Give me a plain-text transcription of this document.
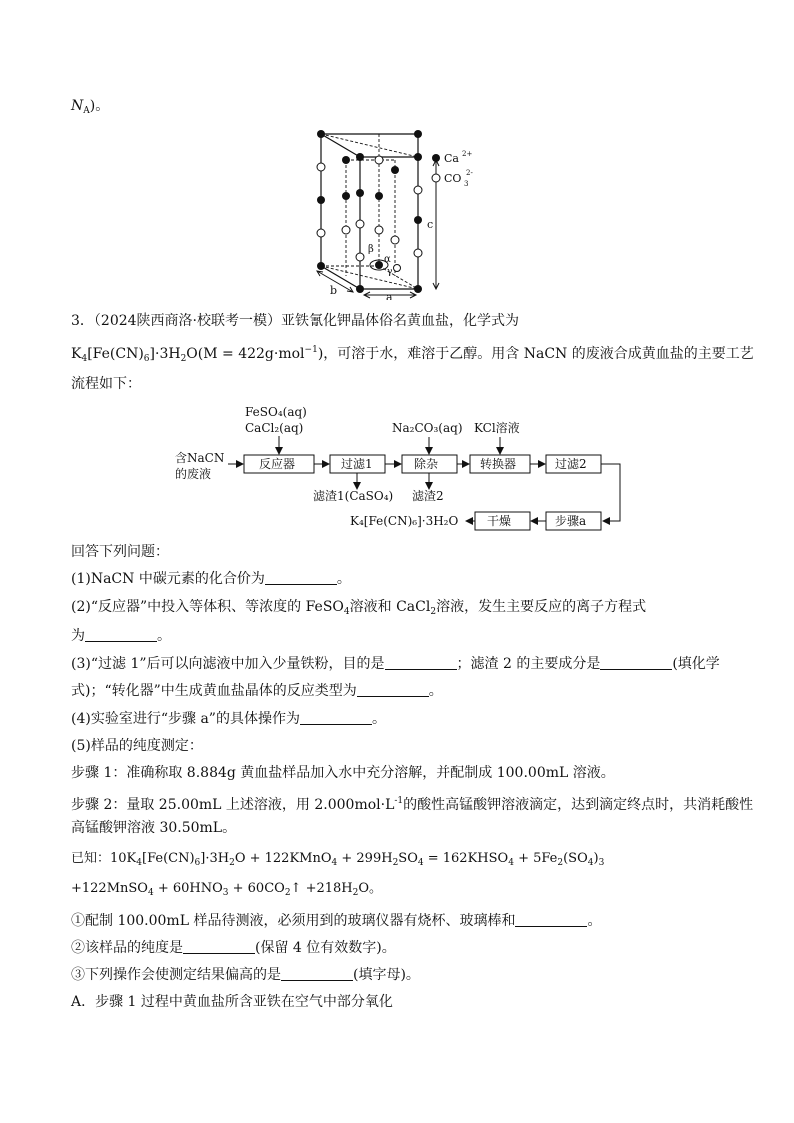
$N_A$)。
Ca 2+
CO 3
2-
c
a
b
β
α
γ
3．（2024陕西商洛·校联考一模）亚铁氰化钾晶体俗名黄血盐，化学式为
$K_4[Fe(CN)_6]\cdot 3H_2O(M = 422g\cdot mol^{-1})$，可溶于水，难溶于乙醇。用含 NaCN 的废液合成黄血盐的主要工艺
流程如下：
含NaCN
的废液
FeSO₄(aq)
CaCl₂(aq)
反应器	过滤1	除杂	转换器	过滤2
步骤a
干燥
Na₂CO₃(aq) KCl溶液
滤渣1(CaSO₄) 滤渣2
K₄[Fe(CN)₆]·3H₂O
回答下列问题：
(1)NaCN 中碳元素的化合价为	。
(2)“反应器”中投入等体积、等浓度的 FeSO$_4$溶液和 CaCl$_2$溶液，发生主要反应的离子方程式
为	。
(3)“过滤 1”后可以向滤液中加入少量铁粉，目的是	；滤渣 2 的主要成分是	(填化学
式)；“转化器”中生成黄血盐晶体的反应类型为	。
(4)实验室进行“步骤 a”的具体操作为	。
(5)样品的纯度测定：
步骤 1：准确称取 8.884g 黄血盐样品加入水中充分溶解，并配制成 100.00mL 溶液。
步骤 2：量取 25.00mL 上述溶液，用 $2.000mol\cdot L^{-1}$的酸性高锰酸钾溶液滴定，达到滴定终点时，共消耗酸性
高锰酸钾溶液 30.50mL。
已知：$10K_4[Fe(CN)_6]\cdot 3H_2O$ + 122KMnO$_4$ + $299H_2SO_4$ = $162KHSO_4 + 5Fe_2(SO_4)_3$
+122MnSO$_4$ + $60HNO_3$ + $60CO_2↑ +218H_2O$。
①配制 100.00mL 样品待测液，必须用到的玻璃仪器有烧杯、玻璃棒和	。
②该样品的纯度是	(保留 4 位有效数字)。
③下列操作会使测定结果偏高的是	(填字母)。
A．步骤 1 过程中黄血盐所含亚铁在空气中部分氧化
